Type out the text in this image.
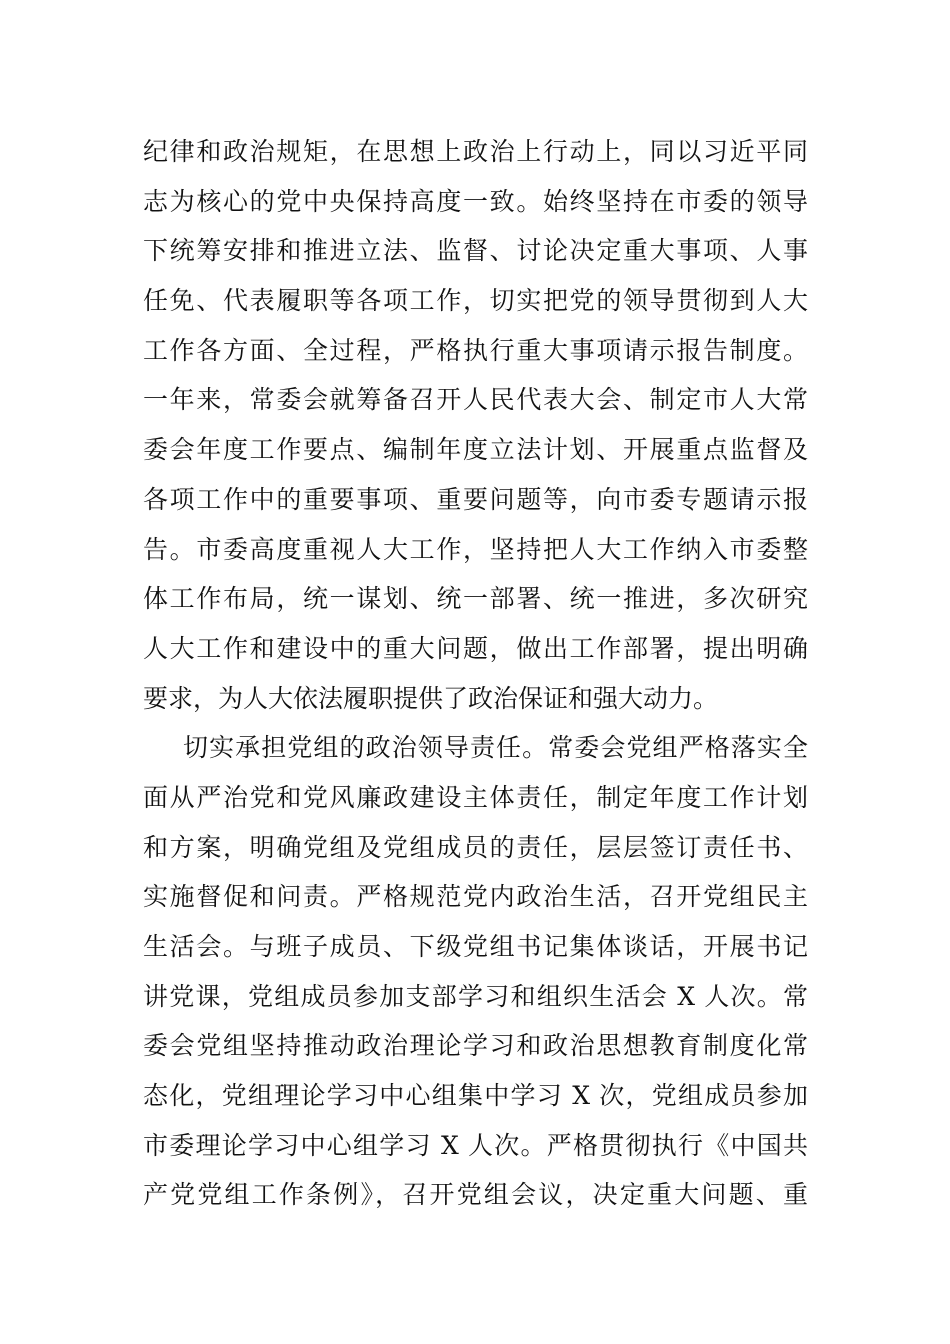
纪律和政治规矩，在思想上政治上行动上，同以习近平同
志为核心的党中央保持高度一致。始终坚持在市委的领导
下统筹安排和推进立法、监督、讨论决定重大事项、人事
任免、代表履职等各项工作，切实把党的领导贯彻到人大
工作各方面、全过程，严格执行重大事项请示报告制度。
一年来，常委会就筹备召开人民代表大会、制定市人大常
委会年度工作要点、编制年度立法计划、开展重点监督及
各项工作中的重要事项、重要问题等，向市委专题请示报
告。市委高度重视人大工作，坚持把人大工作纳入市委整
体工作布局，统一谋划、统一部署、统一推进，多次研究
人大工作和建设中的重大问题，做出工作部署，提出明确
要求，为人大依法履职提供了政治保证和强大动力。
切实承担党组的政治领导责任。常委会党组严格落实全
面从严治党和党风廉政建设主体责任，制定年度工作计划
和方案，明确党组及党组成员的责任，层层签订责任书、
实施督促和问责。严格规范党内政治生活，召开党组民主
生活会。与班子成员、下级党组书记集体谈话，开展书记
讲党课，党组成员参加支部学习和组织生活会 X 人次。常
委会党组坚持推动政治理论学习和政治思想教育制度化常
态化，党组理论学习中心组集中学习 X 次，党组成员参加
市委理论学习中心组学习 X 人次。严格贯彻执行《中国共
产党党组工作条例》，召开党组会议，决定重大问题、重
